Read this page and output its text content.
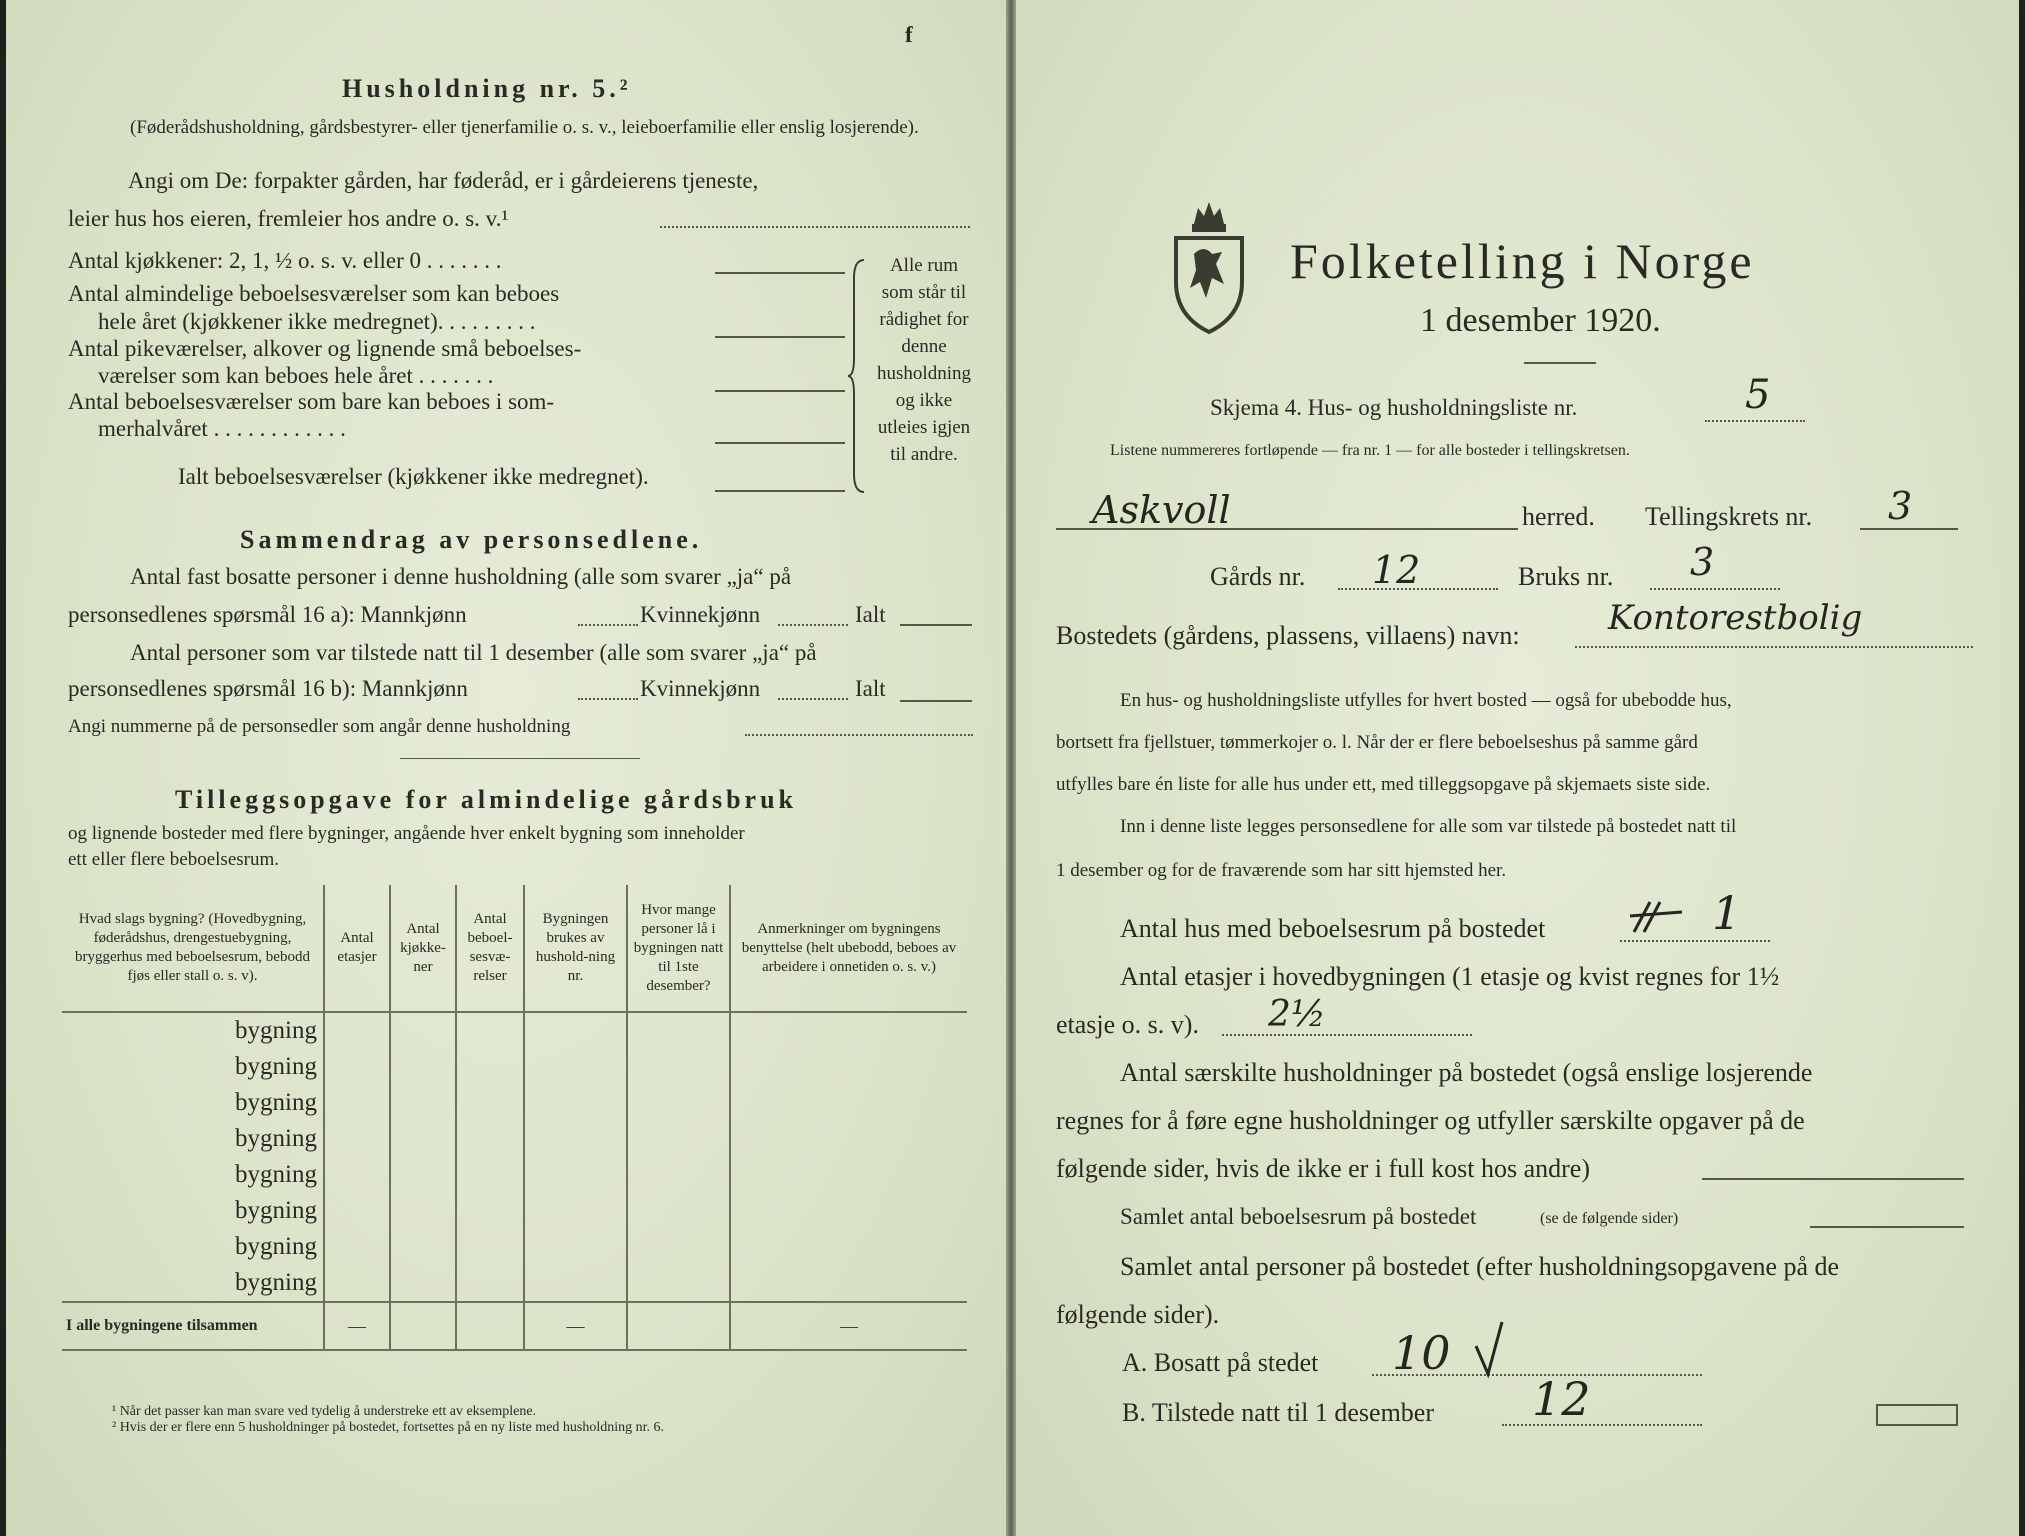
f
Husholdning nr. 5.²
(Føderådshusholdning, gårdsbestyrer- eller tjenerfamilie o. s. v., leieboerfamilie eller enslig losjerende).
Angi om De: forpakter gården, har føderåd, er i gårdeierens tjeneste,
leier hus hos eieren, fremleier hos andre o. s. v.¹
Antal kjøkkener: 2, 1, ½ o. s. v. eller 0 . . . . . . .
Antal almindelige beboelsesværelser som kan beboes
hele året (kjøkkener ikke medregnet). . . . . . . . .
Antal pikeværelser, alkover og lignende små beboelses-
værelser som kan beboes hele året . . . . . . .
Antal beboelsesværelser som bare kan beboes i som-
merhalvåret . . . . . . . . . . . .
Ialt beboelsesværelser (kjøkkener ikke medregnet).
Alle rum som står til rådighet for denne husholdning og ikke utleies igjen til andre.
Sammendrag av personsedlene.
Antal fast bosatte personer i denne husholdning (alle som svarer „ja“ på
personsedlenes spørsmål 16 a): Mannkjønn	Kvinnekjønn	Ialt
Antal personer som var tilstede natt til 1 desember (alle som svarer „ja“ på
personsedlenes spørsmål 16 b): Mannkjønn	Kvinnekjønn	Ialt
Angi nummerne på de personsedler som angår denne husholdning
Tilleggsopgave for almindelige gårdsbruk
og lignende bosteder med flere bygninger, angående hver enkelt bygning som inneholder
ett eller flere beboelsesrum.
Hvad slags bygning? (Hovedbygning, føderådshus, drengestuebygning, bryggerhus med beboelsesrum, bebodd fjøs eller stall o. s. v).	Antal etasjer	Antal kjøkke-ner	Antal beboel-sesvæ-relser	Bygningen brukes av hushold-ning nr.	Hvor mange personer lå i bygningen natt til 1ste desember?	Anmerkninger om bygningens benyttelse (helt ubebodd, beboes av arbeidere i onnetiden o. s. v.)
bygning						
bygning						
bygning						
bygning						
bygning						
bygning						
bygning						
bygning						
I alle bygningene tilsammen	—			—		—
¹ Når det passer kan man svare ved tydelig å understreke ett av eksemplene.
² Hvis der er flere enn 5 husholdninger på bostedet, fortsettes på en ny liste med husholdning nr. 6.
Folketelling i Norge
1 desember 1920.
Skjema 4. Hus- og husholdningsliste nr.	5
Listene nummereres fortløpende — fra nr. 1 — for alle bosteder i tellingskretsen.
Askvoll	herred. Tellingskrets nr. 3
Gårds nr. 12	Bruks nr. 3
Bostedets (gårdens, plassens, villaens) navn:	Kontorestbolig
En hus- og husholdningsliste utfylles for hvert bosted — også for ubebodde hus,
bortsett fra fjellstuer, tømmerkojer o. l. Når der er flere beboelseshus på samme gård
utfylles bare én liste for alle hus under ett, med tilleggsopgave på skjemaets siste side.
Inn i denne liste legges personsedlene for alle som var tilstede på bostedet natt til
1 desember og for de fraværende som har sitt hjemsted her.
Antal hus med beboelsesrum på bostedet	1
Antal etasjer i hovedbygningen (1 etasje og kvist regnes for 1½
etasje o. s. v). 2½
Antal særskilte husholdninger på bostedet (også enslige losjerende
regnes for å føre egne husholdninger og utfyller særskilte opgaver på de
følgende sider, hvis de ikke er i full kost hos andre)
Samlet antal beboelsesrum på bostedet	(se de følgende sider)
Samlet antal personer på bostedet (efter husholdningsopgavene på de
følgende sider).
A. Bosatt på stedet 10
B. Tilstede natt til 1 desember 12
